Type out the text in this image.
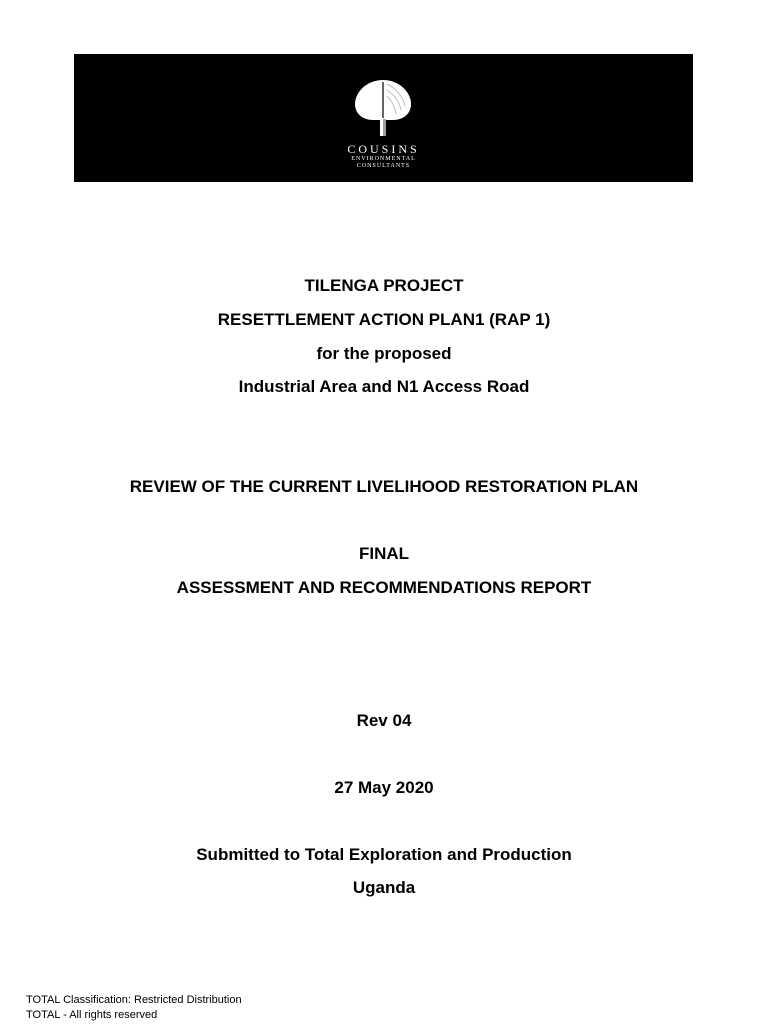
COUSINS
ENVIRONMENTAL
CONSULTANTS
TILENGA PROJECT
RESETTLEMENT ACTION PLAN1 (RAP 1)
for the proposed
Industrial Area and N1 Access Road
REVIEW OF THE CURRENT LIVELIHOOD RESTORATION PLAN
FINAL
ASSESSMENT AND RECOMMENDATIONS REPORT
Rev 04
27 May 2020
Submitted to Total Exploration and Production
Uganda
TOTAL Classification: Restricted Distribution
TOTAL - All rights reserved
